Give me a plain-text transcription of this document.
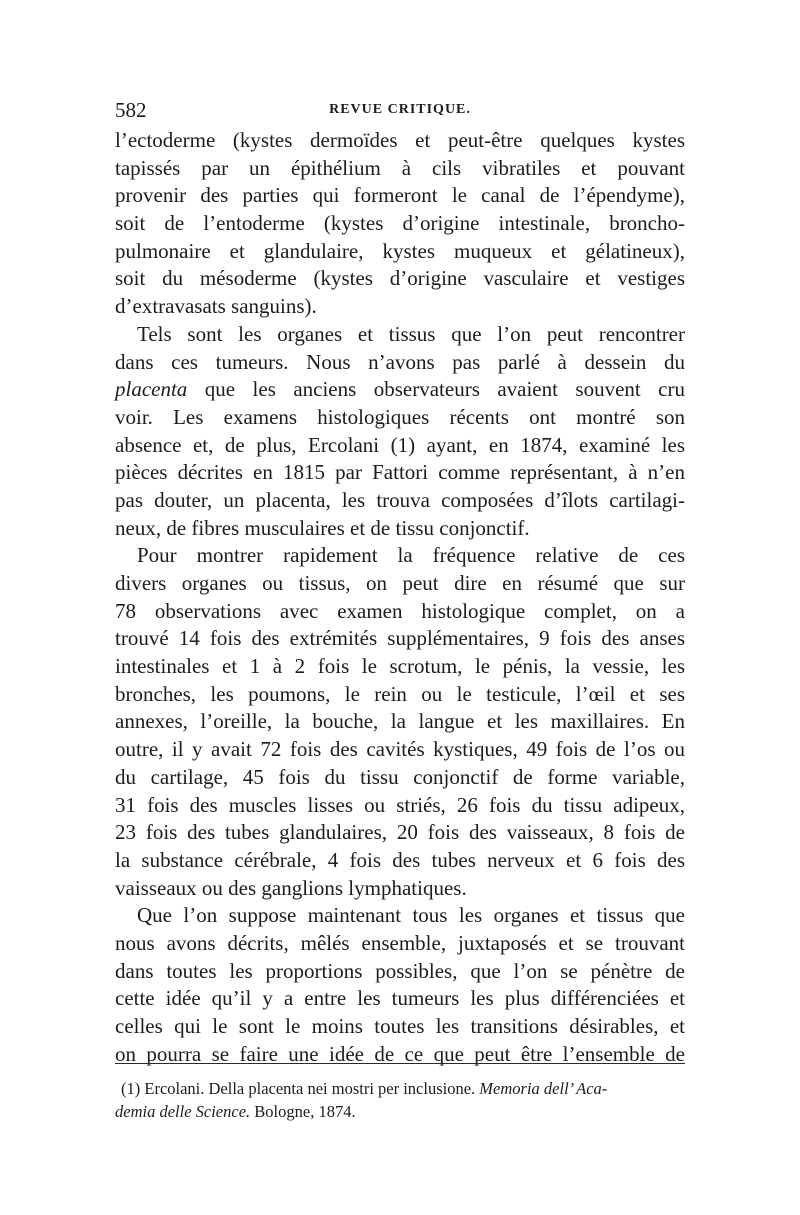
582	REVUE CRITIQUE.
l’ectoderme (kystes dermoïdes et peut-être quelques kystes
tapissés par un épithélium à cils vibratiles et pouvant
provenir des parties qui formeront le canal de l’épendyme),
soit de l’entoderme (kystes d’origine intestinale, broncho-
pulmonaire et glandulaire, kystes muqueux et gélatineux),
soit du mésoderme (kystes d’origine vasculaire et vestiges
d’extravasats sanguins).
Tels sont les organes et tissus que l’on peut rencontrer
dans ces tumeurs. Nous n’avons pas parlé à dessein du
placenta que les anciens observateurs avaient souvent cru
voir. Les examens histologiques récents ont montré son
absence et, de plus, Ercolani (1) ayant, en 1874, examiné les
pièces décrites en 1815 par Fattori comme représentant, à n’en
pas douter, un placenta, les trouva composées d’îlots cartilagi-
neux, de fibres musculaires et de tissu conjonctif.
Pour montrer rapidement la fréquence relative de ces
divers organes ou tissus, on peut dire en résumé que sur
78 observations avec examen histologique complet, on a
trouvé 14 fois des extrémités supplémentaires, 9 fois des anses
intestinales et 1 à 2 fois le scrotum, le pénis, la vessie, les
bronches, les poumons, le rein ou le testicule, l’œil et ses
annexes, l’oreille, la bouche, la langue et les maxillaires. En
outre, il y avait 72 fois des cavités kystiques, 49 fois de l’os ou
du cartilage, 45 fois du tissu conjonctif de forme variable,
31 fois des muscles lisses ou striés, 26 fois du tissu adipeux,
23 fois des tubes glandulaires, 20 fois des vaisseaux, 8 fois de
la substance cérébrale, 4 fois des tubes nerveux et 6 fois des
vaisseaux ou des ganglions lymphatiques.
Que l’on suppose maintenant tous les organes et tissus que
nous avons décrits, mêlés ensemble, juxtaposés et se trouvant
dans toutes les proportions possibles, que l’on se pénètre de
cette idée qu’il y a entre les tumeurs les plus différenciées et
celles qui le sont le moins toutes les transitions désirables, et
on pourra se faire une idée de ce que peut être l’ensemble de
(1) Ercolani. Della placenta nei mostri per inclusione. Memoria dell’ Aca-
demia delle Science. Bologne, 1874.
